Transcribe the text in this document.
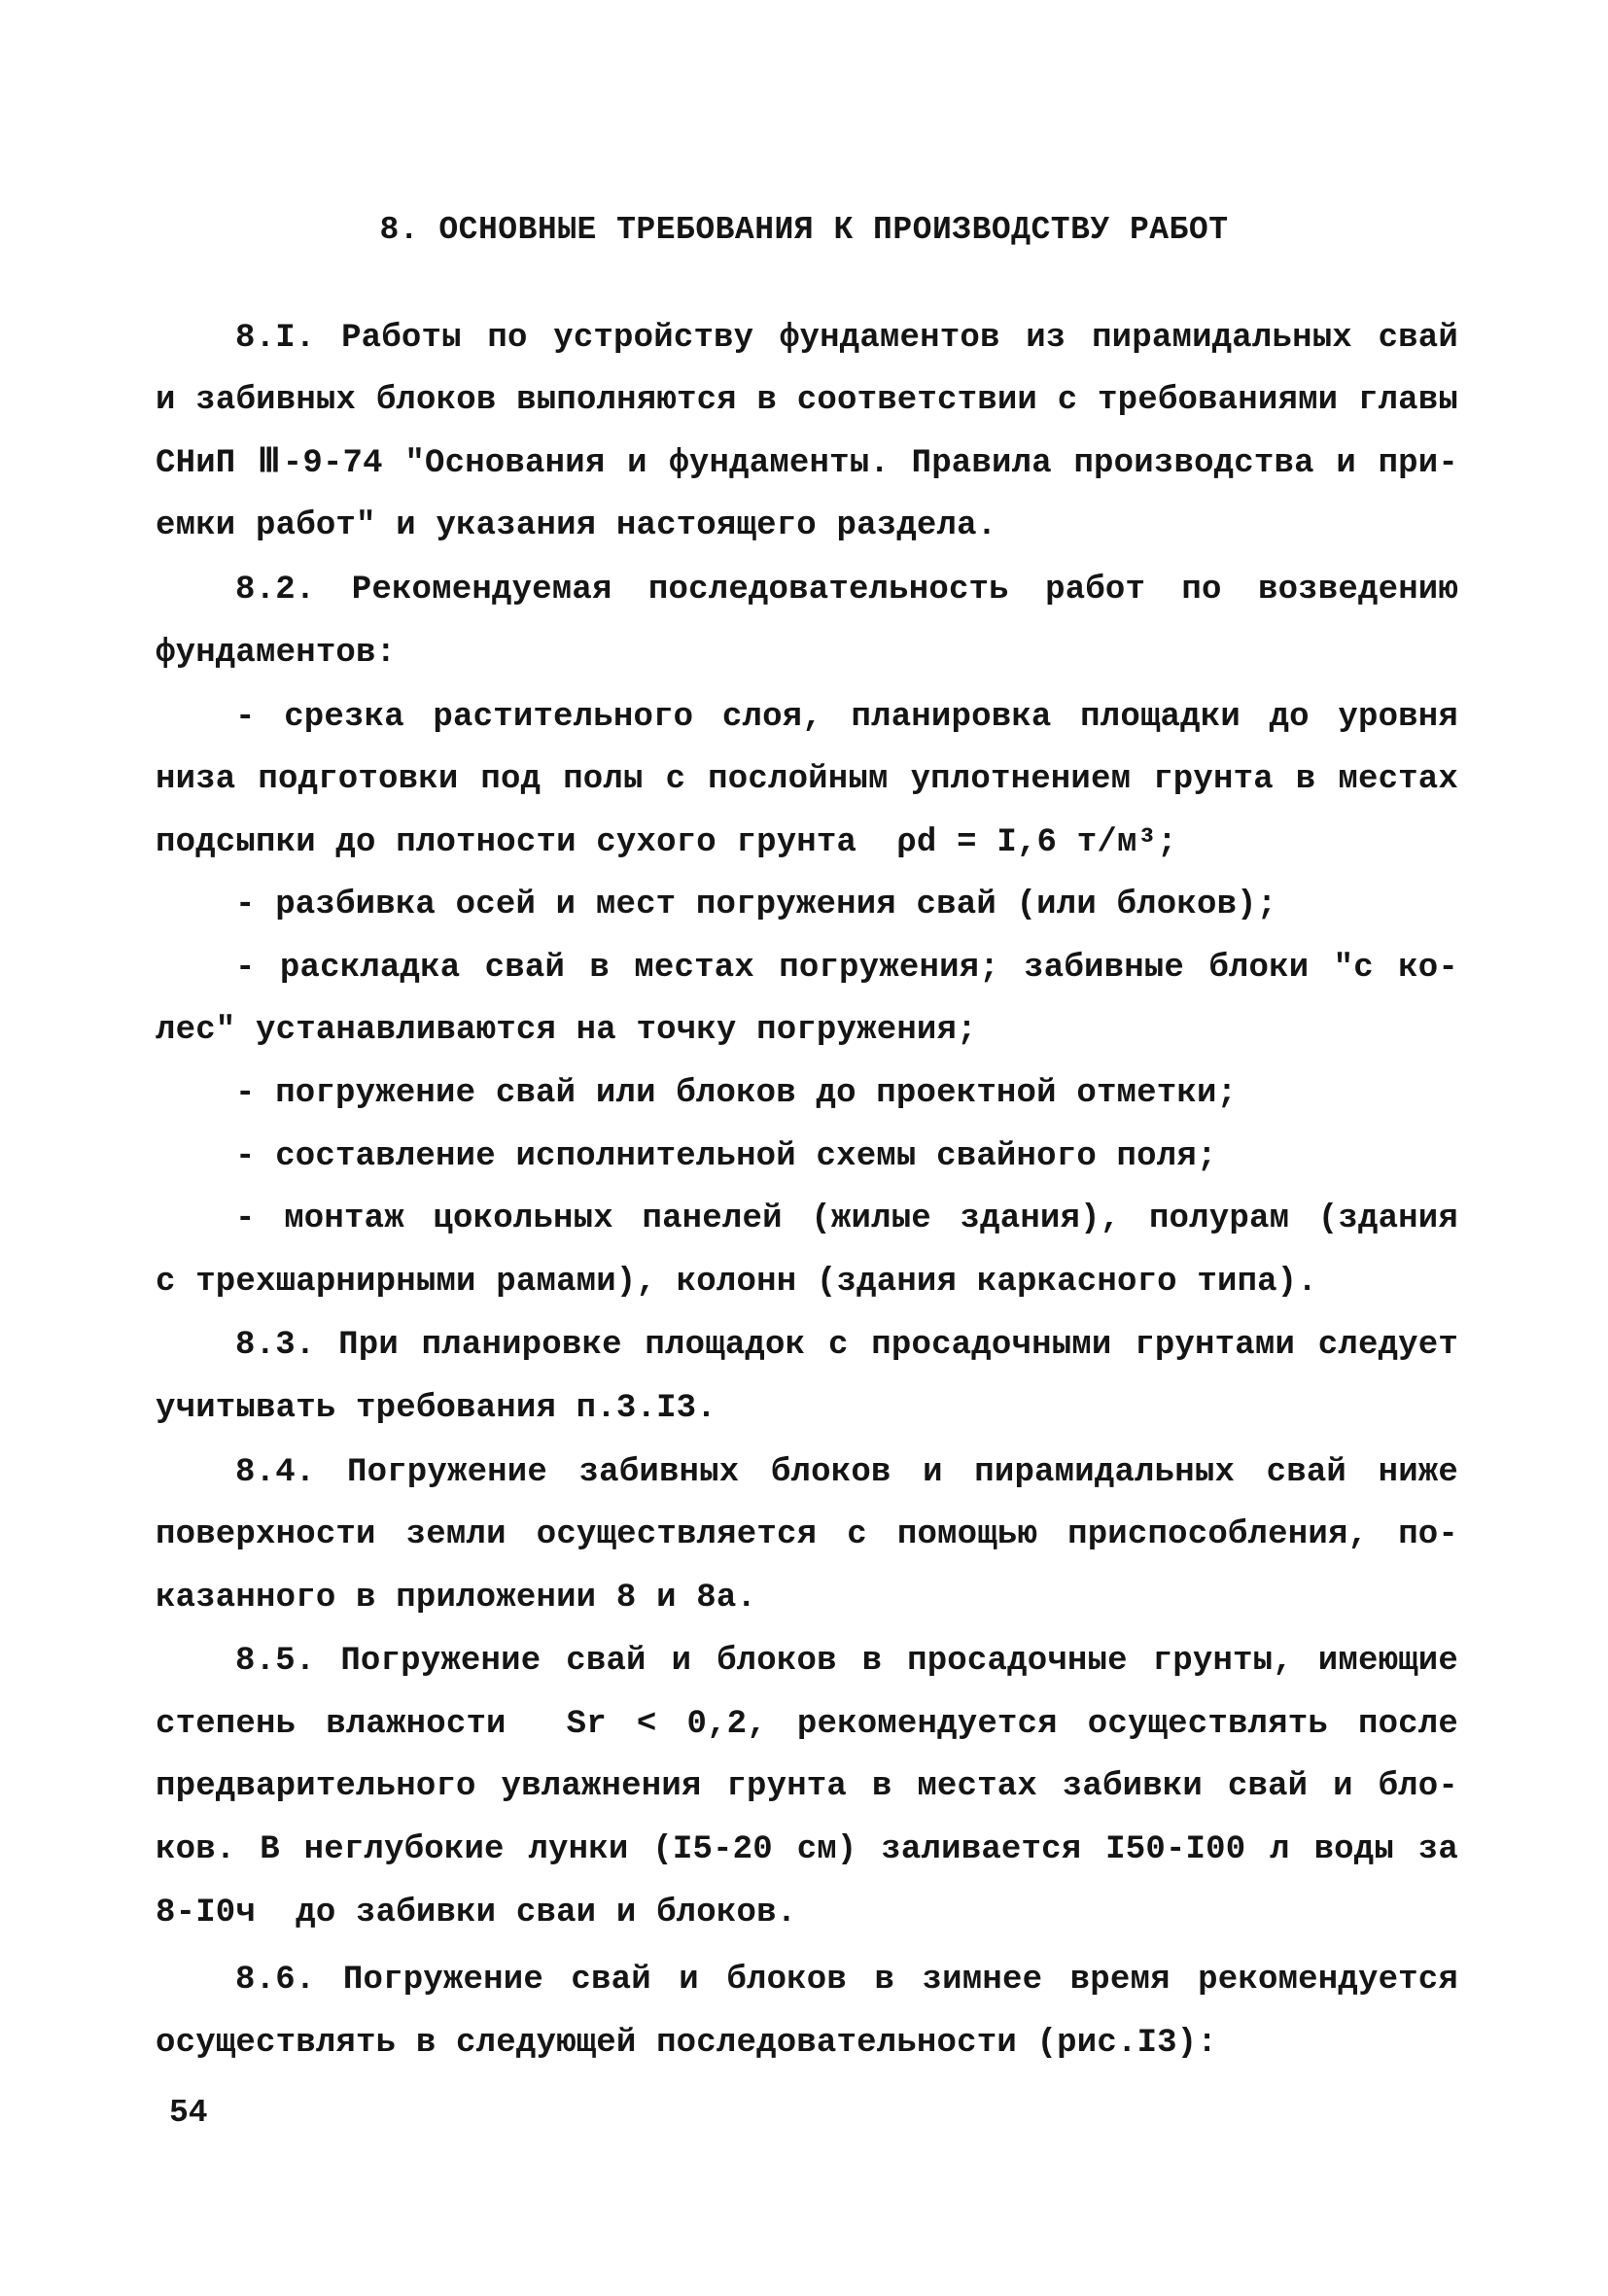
8. ОСНОВНЫЕ ТРЕБОВАНИЯ К ПРОИЗВОДСТВУ РАБОТ
8.I. Работы по устройству фундаментов из пирамидальных свай
и забивных блоков выполняются в соответствии с требованиями главы
СНиП Ⅲ-9-74 "Основания и фундаменты. Правила производства и при-
емки работ" и указания настоящего раздела.
8.2. Рекомендуемая последовательность работ по возведению
фундаментов:
- срезка растительного слоя, планировка площадки до уровня
низа подготовки под полы с послойным уплотнением грунта в местах
подсыпки до плотности сухого грунта  ρd = I,6 т/м³;
- разбивка осей и мест погружения свай (или блоков);
- раскладка свай в местах погружения; забивные блоки "с ко-
лес" устанавливаются на точку погружения;
- погружение свай или блоков до проектной отметки;
- составление исполнительной схемы свайного поля;
- монтаж цокольных панелей (жилые здания), полурам (здания
с трехшарнирными рамами), колонн (здания каркасного типа).
8.3. При планировке площадок с просадочными грунтами следует
учитывать требования п.3.I3.
8.4. Погружение забивных блоков и пирамидальных свай ниже
поверхности земли осуществляется с помощью приспособления, по-
казанного в приложении 8 и 8а.
8.5. Погружение свай и блоков в просадочные грунты, имеющие
степень влажности  Sr < 0,2, рекомендуется осуществлять после
предварительного увлажнения грунта в местах забивки свай и бло-
ков. В неглубокие лунки (I5-20 см) заливается I50-I00 л воды за
8-I0ч  до забивки сваи и блоков.
8.6. Погружение свай и блоков в зимнее время рекомендуется
осуществлять в следующей последовательности (рис.I3):
54
